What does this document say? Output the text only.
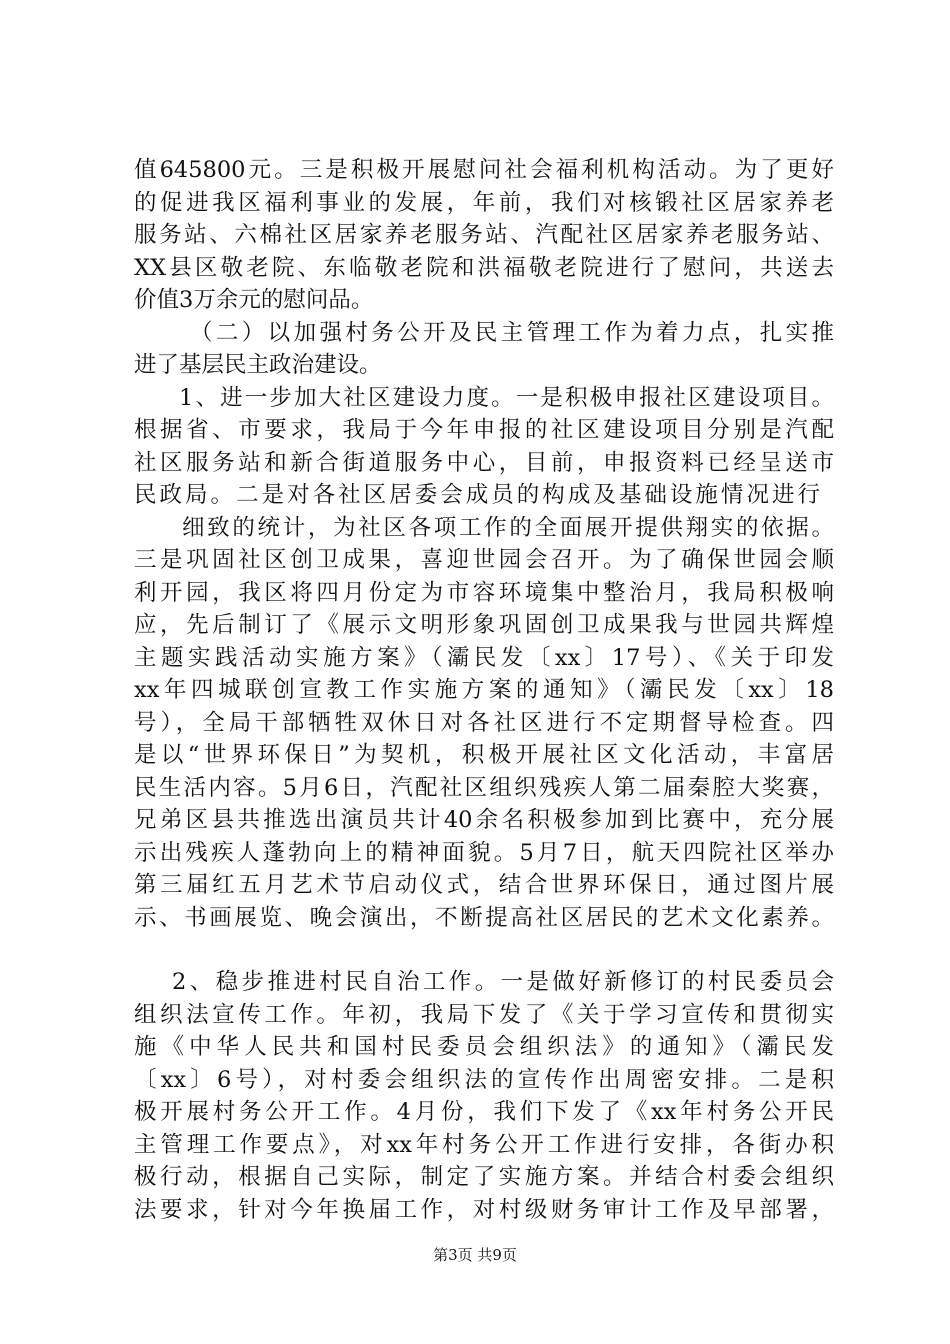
值645800元。三是积极开展慰问社会福利机构活动。为了更好
的促进我区福利事业的发展，年前，我们对核锻社区居家养老
服务站、六棉社区居家养老服务站、汽配社区居家养老服务站、
XX县区敬老院、东临敬老院和洪福敬老院进行了慰问，共送去
价值3万余元的慰问品。
（二）以加强村务公开及民主管理工作为着力点，扎实推
进了基层民主政治建设。
1、进一步加大社区建设力度。一是积极申报社区建设项目。
根据省、市要求，我局于今年申报的社区建设项目分别是汽配
社区服务站和新合街道服务中心，目前，申报资料已经呈送市
民政局。二是对各社区居委会成员的构成及基础设施情况进行
细致的统计，为社区各项工作的全面展开提供翔实的依据。
三是巩固社区创卫成果，喜迎世园会召开。为了确保世园会顺
利开园，我区将四月份定为市容环境集中整治月，我局积极响
应，先后制订了《展示文明形象巩固创卫成果我与世园共辉煌
主题实践活动实施方案》（灞民发〔xx〕17号）、《关于印发
xx年四城联创宣教工作实施方案的通知》（灞民发〔xx〕18
号），全局干部牺牲双休日对各社区进行不定期督导检查。四
是以“世界环保日”为契机，积极开展社区文化活动，丰富居
民生活内容。5月6日，汽配社区组织残疾人第二届秦腔大奖赛，
兄弟区县共推选出演员共计40余名积极参加到比赛中，充分展
示出残疾人蓬勃向上的精神面貌。5月7日，航天四院社区举办
第三届红五月艺术节启动仪式，结合世界环保日，通过图片展
示、书画展览、晚会演出，不断提高社区居民的艺术文化素养。
2、稳步推进村民自治工作。一是做好新修订的村民委员会
组织法宣传工作。年初，我局下发了《关于学习宣传和贯彻实
施《中华人民共和国村民委员会组织法》的通知》（灞民发
〔xx〕6号），对村委会组织法的宣传作出周密安排。二是积
极开展村务公开工作。4月份，我们下发了《xx年村务公开民
主管理工作要点》，对xx年村务公开工作进行安排，各街办积
极行动，根据自己实际，制定了实施方案。并结合村委会组织
法要求，针对今年换届工作，对村级财务审计工作及早部署，
第3页 共9页
